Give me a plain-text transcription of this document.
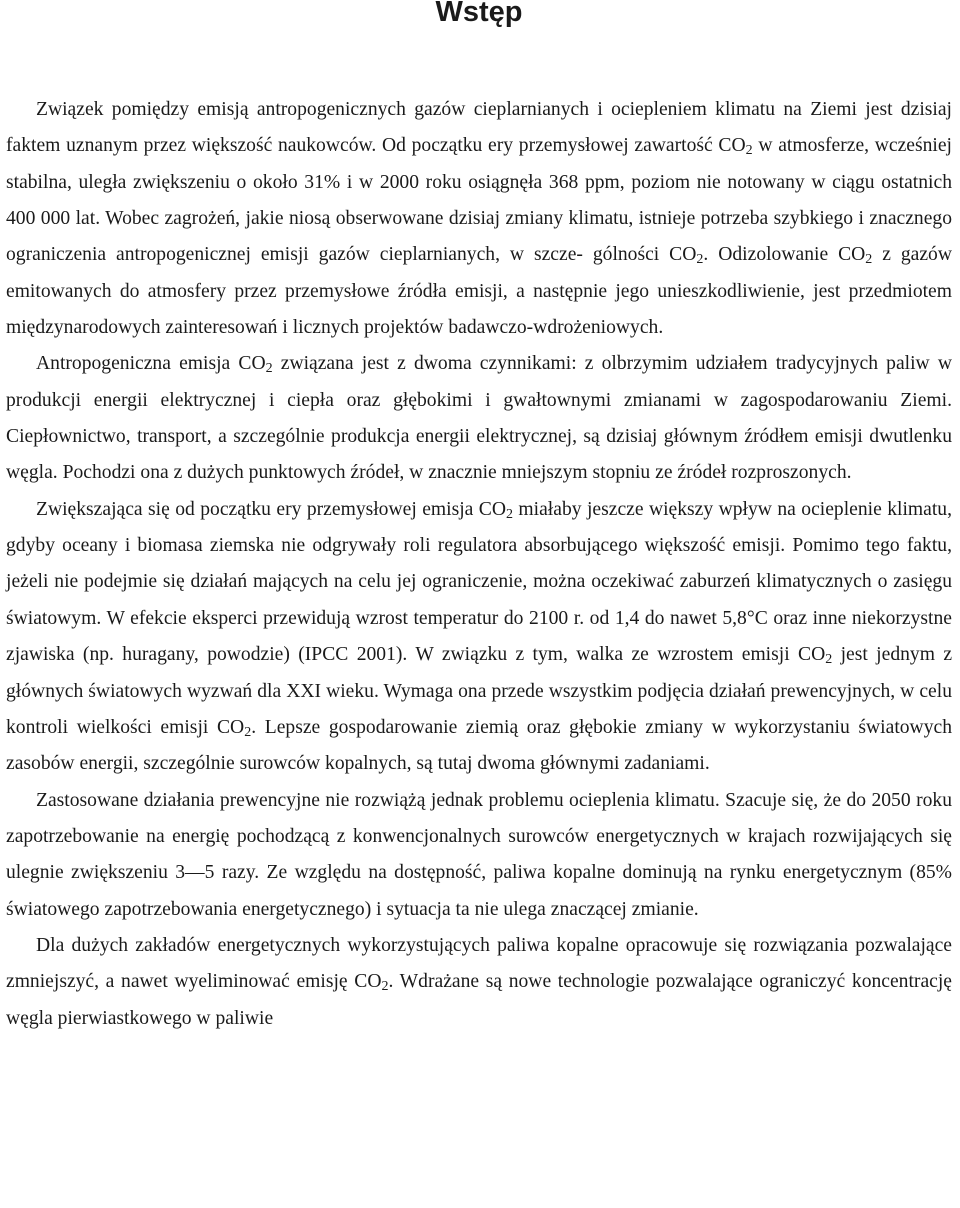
Wstęp

Związek pomiędzy emisją antropogenicznych gazów cieplarnianych i ociepleniem klimatu na Ziemi jest dzisiaj faktem uznanym przez większość naukowców. Od początku ery przemysłowej zawartość $CO_2$ w atmosferze, wcześniej stabilna, uległa zwiększeniu o około 31% i w 2000 roku osiągnęła 368 ppm, poziom nie notowany w ciągu ostatnich 400 000 lat. Wobec zagrożeń, jakie niosą obserwowane dzisiaj zmiany klimatu, istnieje potrzeba szybkiego i znacznego ograniczenia antropogenicznej emisji gazów cieplarnianych, w szcze- gólności $CO_2$. Odizolowanie $CO_2$ z gazów emitowanych do atmosfery przez przemysłowe źródła emisji, a następnie jego unieszkodliwienie, jest przedmiotem międzynarodowych zainteresowań i licznych projektów badawczo-wdrożeniowych.

Antropogeniczna emisja $CO_2$ związana jest z dwoma czynnikami: z olbrzymim udziałem tradycyjnych paliw w produkcji energii elektrycznej i ciepła oraz głębokimi i gwałtownymi zmianami w zagospodarowaniu Ziemi. Ciepłownictwo, transport, a szczególnie produkcja energii elektrycznej, są dzisiaj głównym źródłem emisji dwutlenku węgla. Pochodzi ona z dużych punktowych źródeł, w znacznie mniejszym stopniu ze źródeł rozproszonych.

Zwiększająca się od początku ery przemysłowej emisja $CO_2$ miałaby jeszcze większy wpływ na ocieplenie klimatu, gdyby oceany i biomasa ziemska nie odgrywały roli regulatora absorbującego większość emisji. Pomimo tego faktu, jeżeli nie podejmie się działań mających na celu jej ograniczenie, można oczekiwać zaburzeń klimatycznych o zasięgu światowym. W efekcie eksperci przewidują wzrost temperatur do 2100 r. od 1,4 do nawet 5,8°C oraz inne niekorzystne zjawiska (np. huragany, powodzie) (IPCC 2001). W związku z tym, walka ze wzrostem emisji $CO_2$ jest jednym z głównych światowych wyzwań dla XXI wieku. Wymaga ona przede wszystkim podjęcia działań prewencyjnych, w celu kontroli wielkości emisji $CO_2$. Lepsze gospodarowanie ziemią oraz głębokie zmiany w wykorzystaniu światowych zasobów energii, szczególnie surowców kopalnych, są tutaj dwoma głównymi zadaniami.

Zastosowane działania prewencyjne nie rozwiążą jednak problemu ocieplenia klimatu. Szacuje się, że do 2050 roku zapotrzebowanie na energię pochodzącą z konwencjonalnych surowców energetycznych w krajach rozwijających się ulegnie zwiększeniu 3—5 razy. Ze względu na dostępność, paliwa kopalne dominują na rynku energetycznym (85% światowego zapotrzebowania energetycznego) i sytuacja ta nie ulega znaczącej zmianie.

Dla dużych zakładów energetycznych wykorzystujących paliwa kopalne opracowuje się rozwiązania pozwalające zmniejszyć, a nawet wyeliminować emisję $CO_2$. Wdrażane są nowe technologie pozwalające ograniczyć koncentrację węgla pierwiastkowego w paliwie
